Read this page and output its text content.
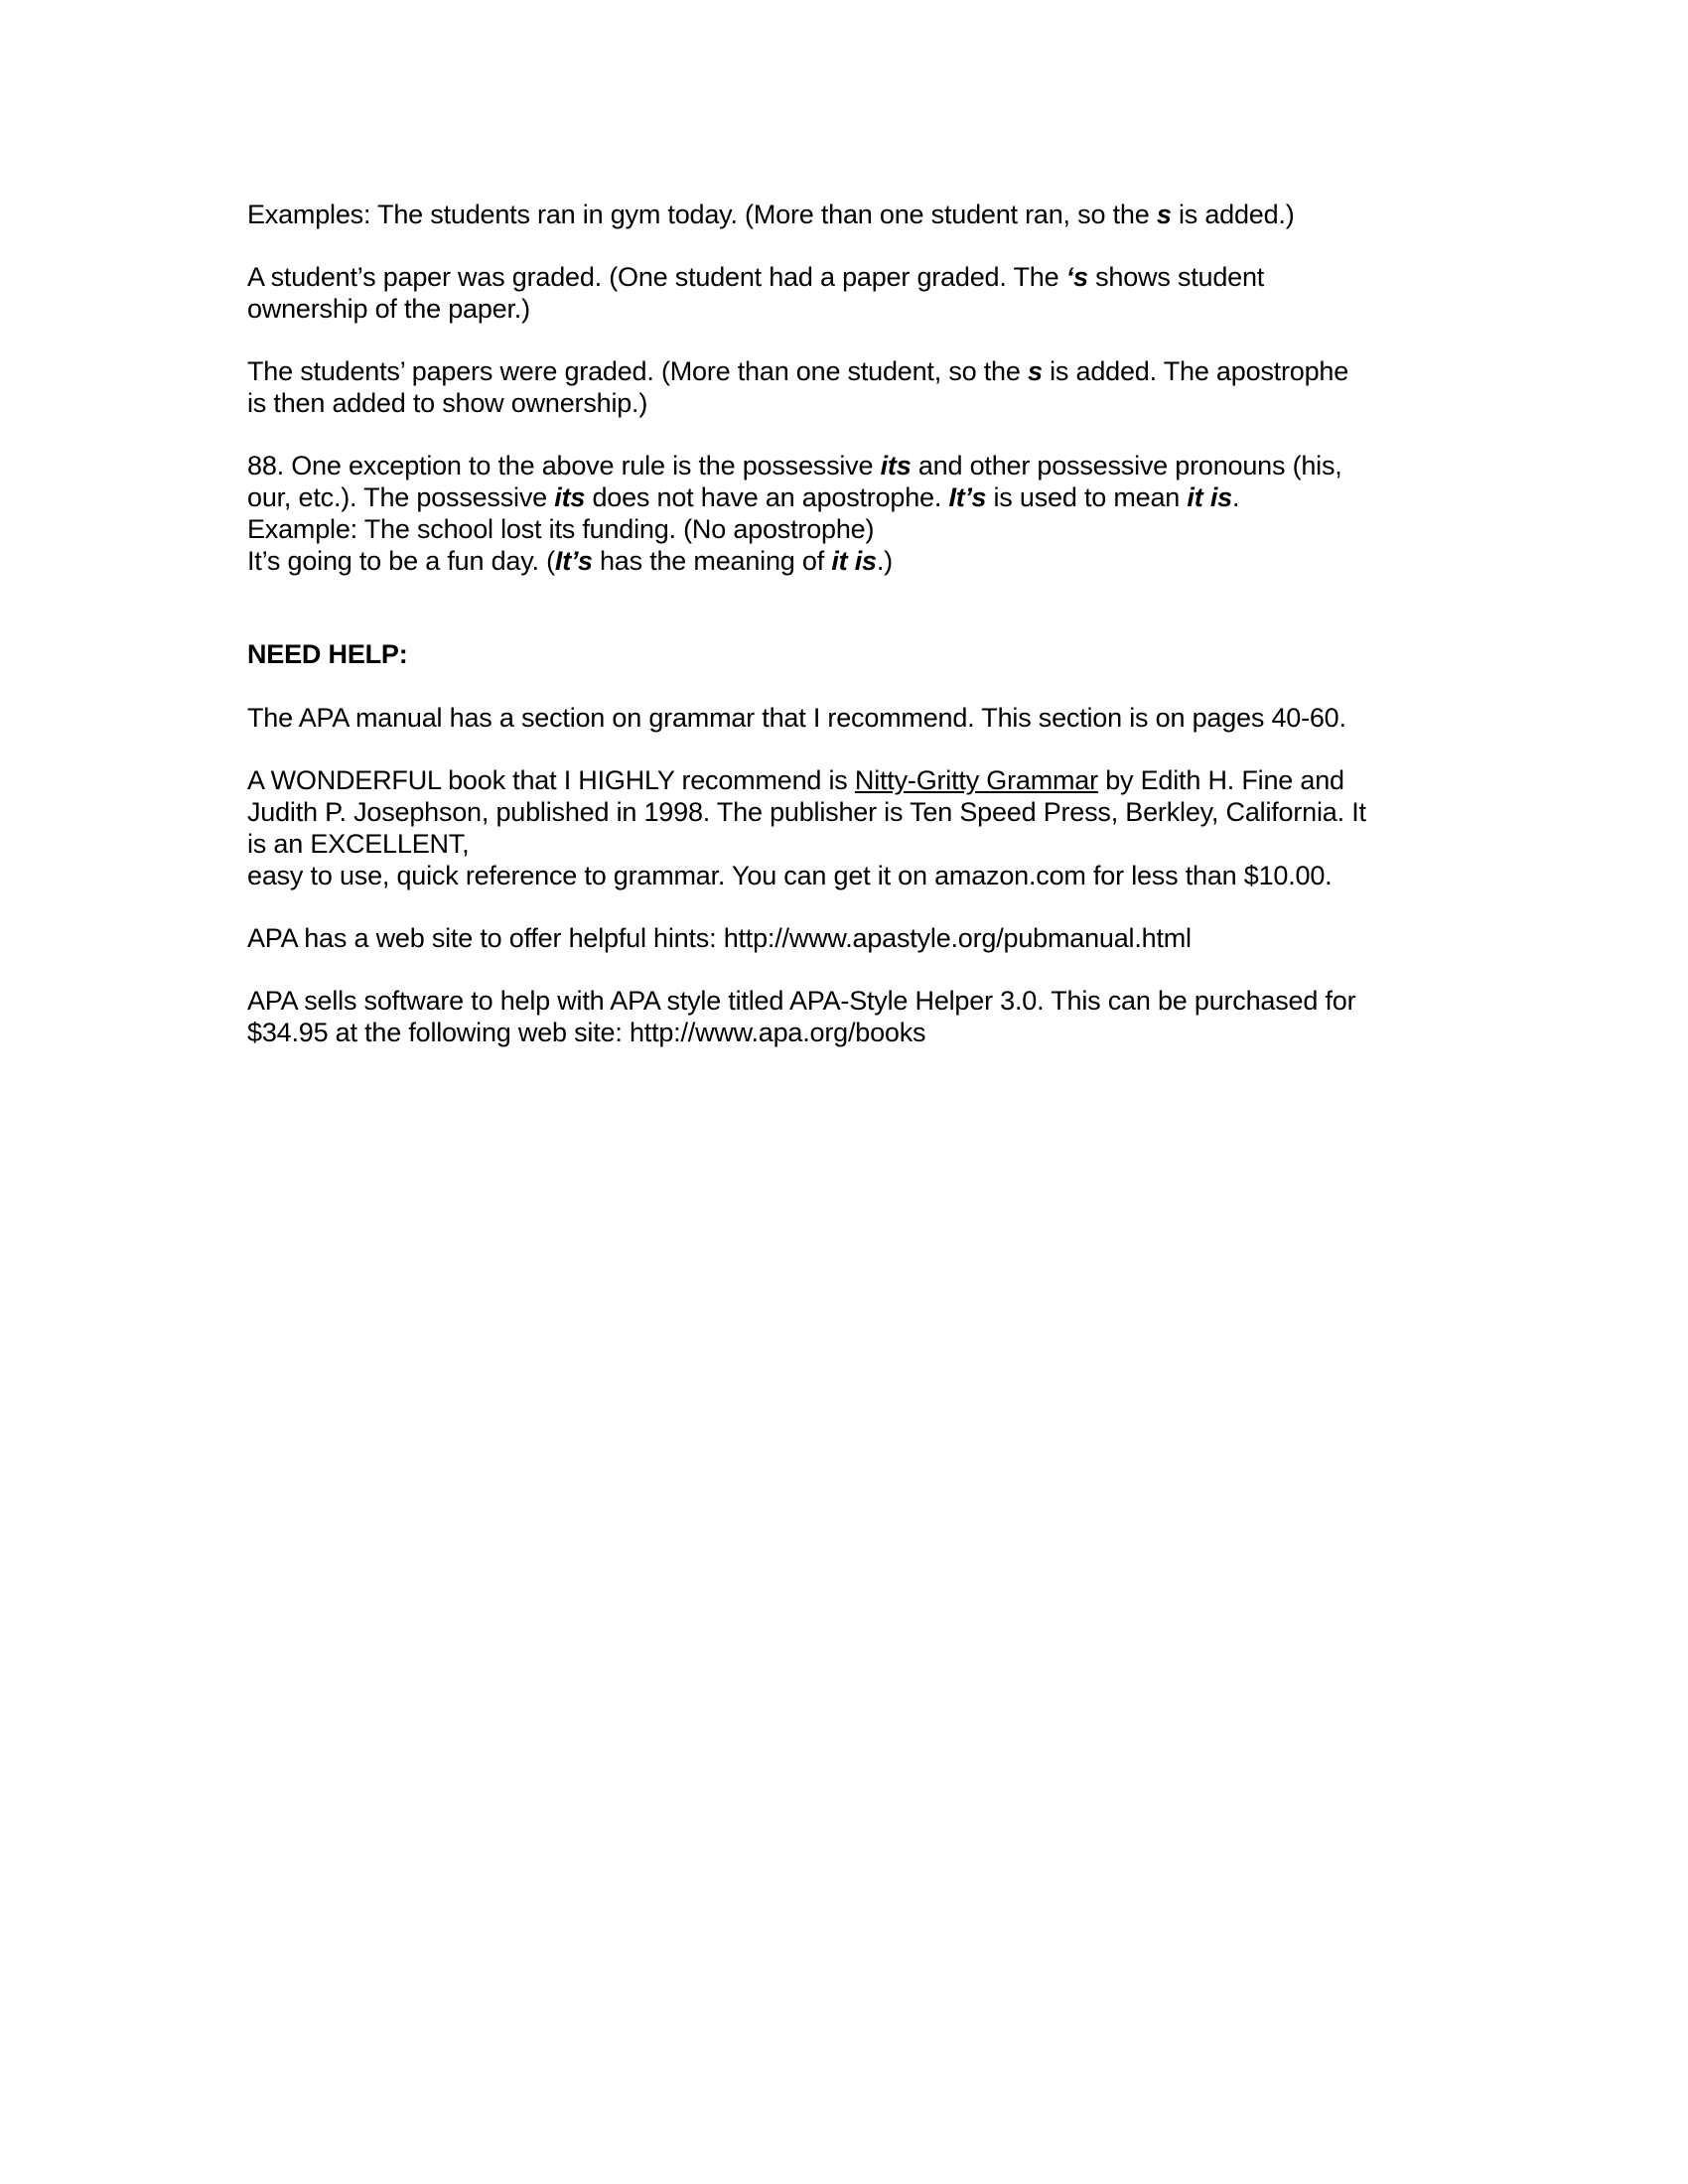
Examples: The students ran in gym today. (More than one student ran, so the s is added.)

A student’s paper was graded. (One student had a paper graded. The ‘s shows student
ownership of the paper.)

The students’ papers were graded. (More than one student, so the s is added. The apostrophe
is then added to show ownership.)

88. One exception to the above rule is the possessive its and other possessive pronouns (his,
our, etc.). The possessive its does not have an apostrophe. It’s is used to mean it is.
Example: The school lost its funding. (No apostrophe)
It’s going to be a fun day. (It’s has the meaning of it is.)

NEED HELP:

The APA manual has a section on grammar that I recommend. This section is on pages 40-60.

A WONDERFUL book that I HIGHLY recommend is Nitty-Gritty Grammar by Edith H. Fine and
Judith P. Josephson, published in 1998. The publisher is Ten Speed Press, Berkley, California. It
is an EXCELLENT,
easy to use, quick reference to grammar. You can get it on amazon.com for less than $10.00.

APA has a web site to offer helpful hints: http://www.apastyle.org/pubmanual.html

APA sells software to help with APA style titled APA-Style Helper 3.0. This can be purchased for
$34.95 at the following web site: http://www.apa.org/books
